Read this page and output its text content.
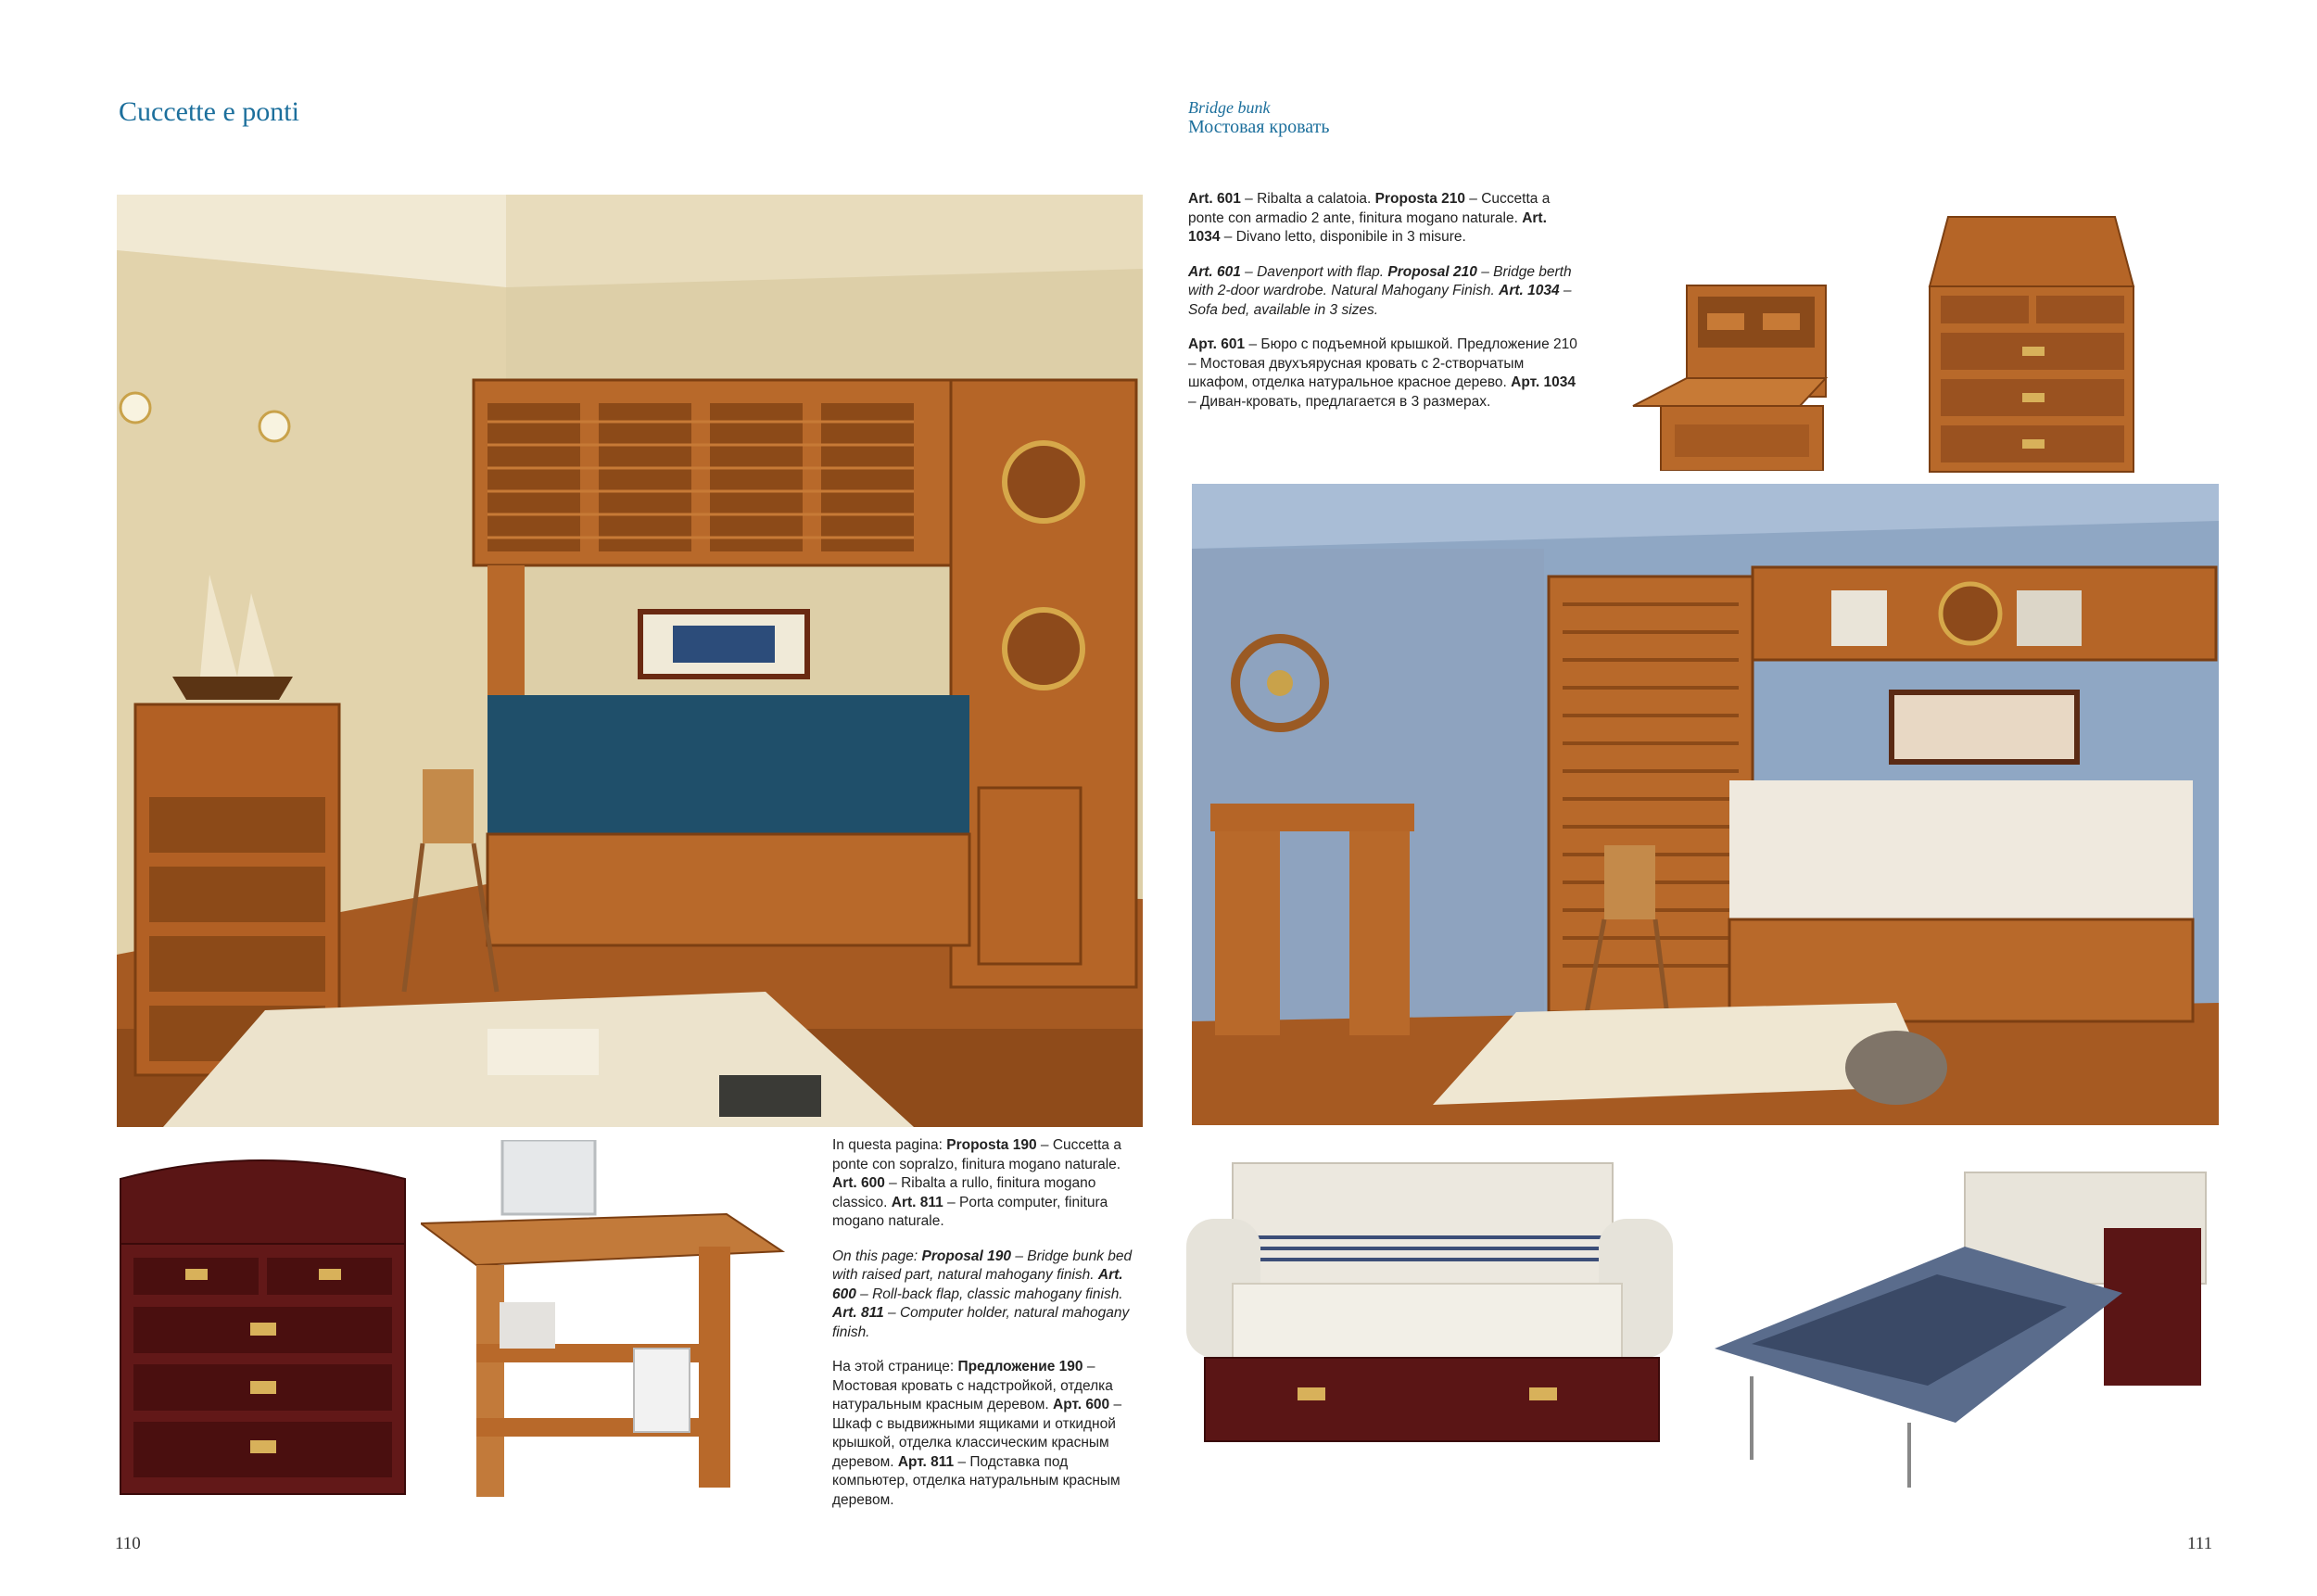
Cuccette e ponti	Bridge bunk
Мостовая кровать

Art. 601 – Ribalta a calatoia. Proposta 210 – Cuccetta a ponte con armadio 2 ante, finitura mogano naturale. Art. 1034 – Divano letto, disponibile in 3 misure.

Art. 601 – Davenport with flap. Proposal 210 – Bridge berth with 2-door wardrobe. Natural Mahogany Finish. Art. 1034 – Sofa bed, available in 3 sizes.

Арт. 601 – Бюро с подъемной крышкой. Предложение 210 – Мостовая двухъярусная кровать с 2-створчатым шкафом, отделка натуральное красное дерево. Арт. 1034 – Диван-кровать, предлагается в 3 размерах.

In questa pagina: Proposta 190 – Cuccetta a ponte con sopralzo, finitura mogano naturale. Art. 600 – Ribalta a rullo, finitura mogano classico. Art. 811 – Porta computer, finitura mogano naturale.

On this page: Proposal 190 – Bridge bunk bed with raised part, natural mahogany finish. Art. 600 – Roll-back flap, classic mahogany finish. Art. 811 – Computer holder, natural mahogany finish.

На этой странице: Предложение 190 – Мостовая кровать с надстройкой, отделка натуральным красным деревом. Арт. 600 – Шкаф с выдвижными ящиками и откидной крышкой, отделка классическим красным деревом. Арт. 811 – Подставка под компьютер, отделка натуральным красным деревом.

110	111
